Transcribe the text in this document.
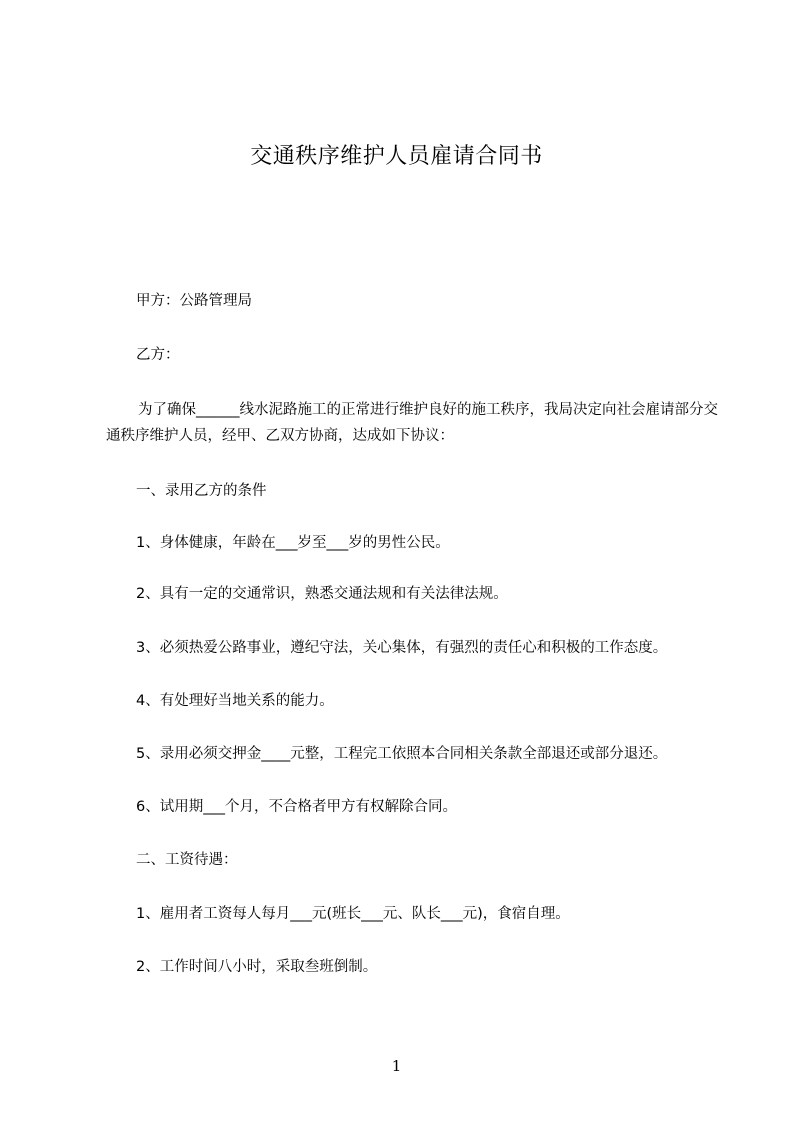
交通秩序维护人员雇请合同书
甲方：公路管理局
乙方：
为了确保______线水泥路施工的正常进行维护良好的施工秩序，我局决定向社会雇请部分交通秩序维护人员，经甲、乙双方协商，达成如下协议：
一、录用乙方的条件
1、身体健康，年龄在___岁至___岁的男性公民。
2、具有一定的交通常识，熟悉交通法规和有关法律法规。
3、必须热爱公路事业，遵纪守法，关心集体，有强烈的责任心和积极的工作态度。
4、有处理好当地关系的能力。
5、录用必须交押金____元整，工程完工依照本合同相关条款全部退还或部分退还。
6、试用期___个月，不合格者甲方有权解除合同。
二、工资待遇：
1、雇用者工资每人每月___元(班长___元、队长___元)，食宿自理。
2、工作时间八小时，采取叁班倒制。
1
